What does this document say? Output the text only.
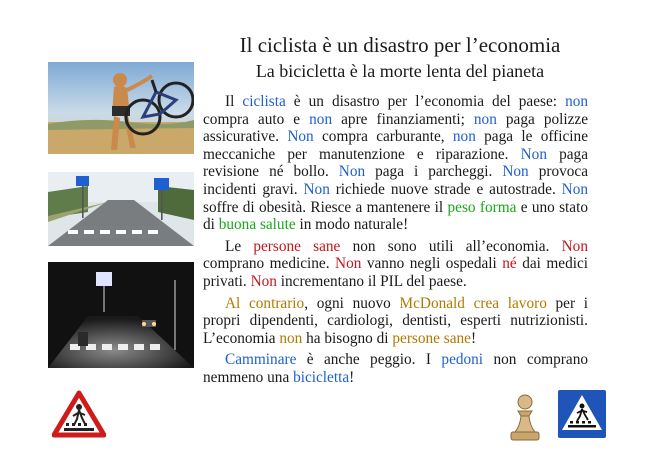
Il ciclista è un disastro per l’economia
La bicicletta è la morte lenta del pianeta

Il ciclista è un disastro per l’economia del paese: non compra auto e non apre finanziamenti; non paga polizze assicurative. Non compra carburante, non paga le officine meccaniche per manutenzione e riparazione. Non paga revisione né bollo. Non paga i parcheggi. Non provoca incidenti gravi. Non richiede nuove strade e autostrade. Non soffre di obesità. Riesce a mantenere il peso forma e uno stato di buona salute in modo naturale!

Le persone sane non sono utili all’economia. Non comprano medicine. Non vanno negli ospedali né dai medici privati. Non incrementano il PIL del paese.

Al contrario, ogni nuovo McDonald crea lavoro per i propri dipendenti, cardiologi, dentisti, esperti nutrizionisti. L’economia non ha bisogno di persone sane!

Camminare è anche peggio. I pedoni non comprano nemmeno una bicicletta!
